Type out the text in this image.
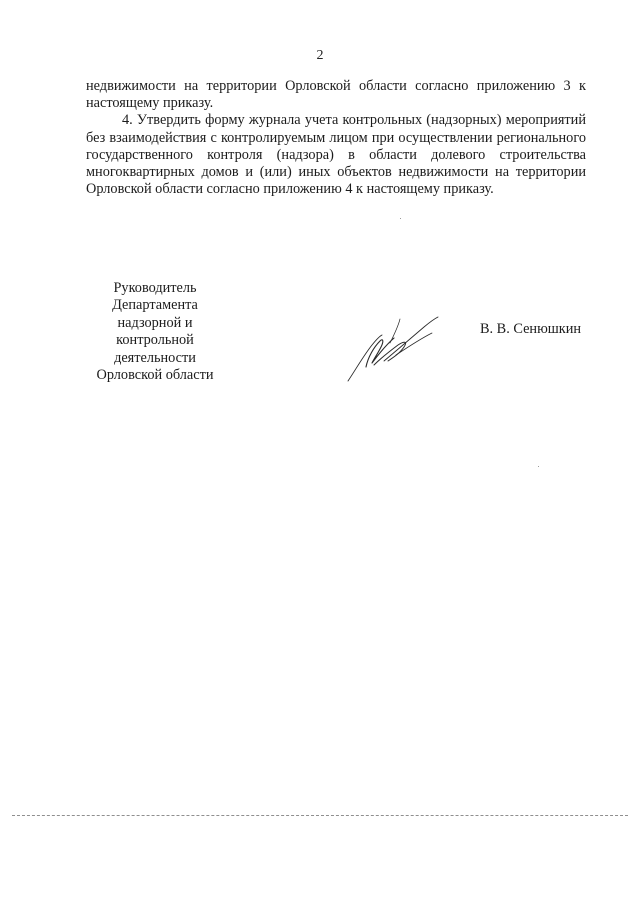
2

недвижимости на территории Орловской области согласно приложению 3 к настоящему приказу.

4. Утвердить форму журнала учета контрольных (надзорных) мероприятий без взаимодействия с контролируемым лицом при осуществлении регионального государственного контроля (надзора) в области долевого строительства многоквартирных домов и (или) иных объектов недвижимости на территории Орловской области согласно приложению 4 к настоящему приказу.

Руководитель
Департамента
надзорной и
контрольной
деятельности
Орловской области
В. В. Сенюшкин
